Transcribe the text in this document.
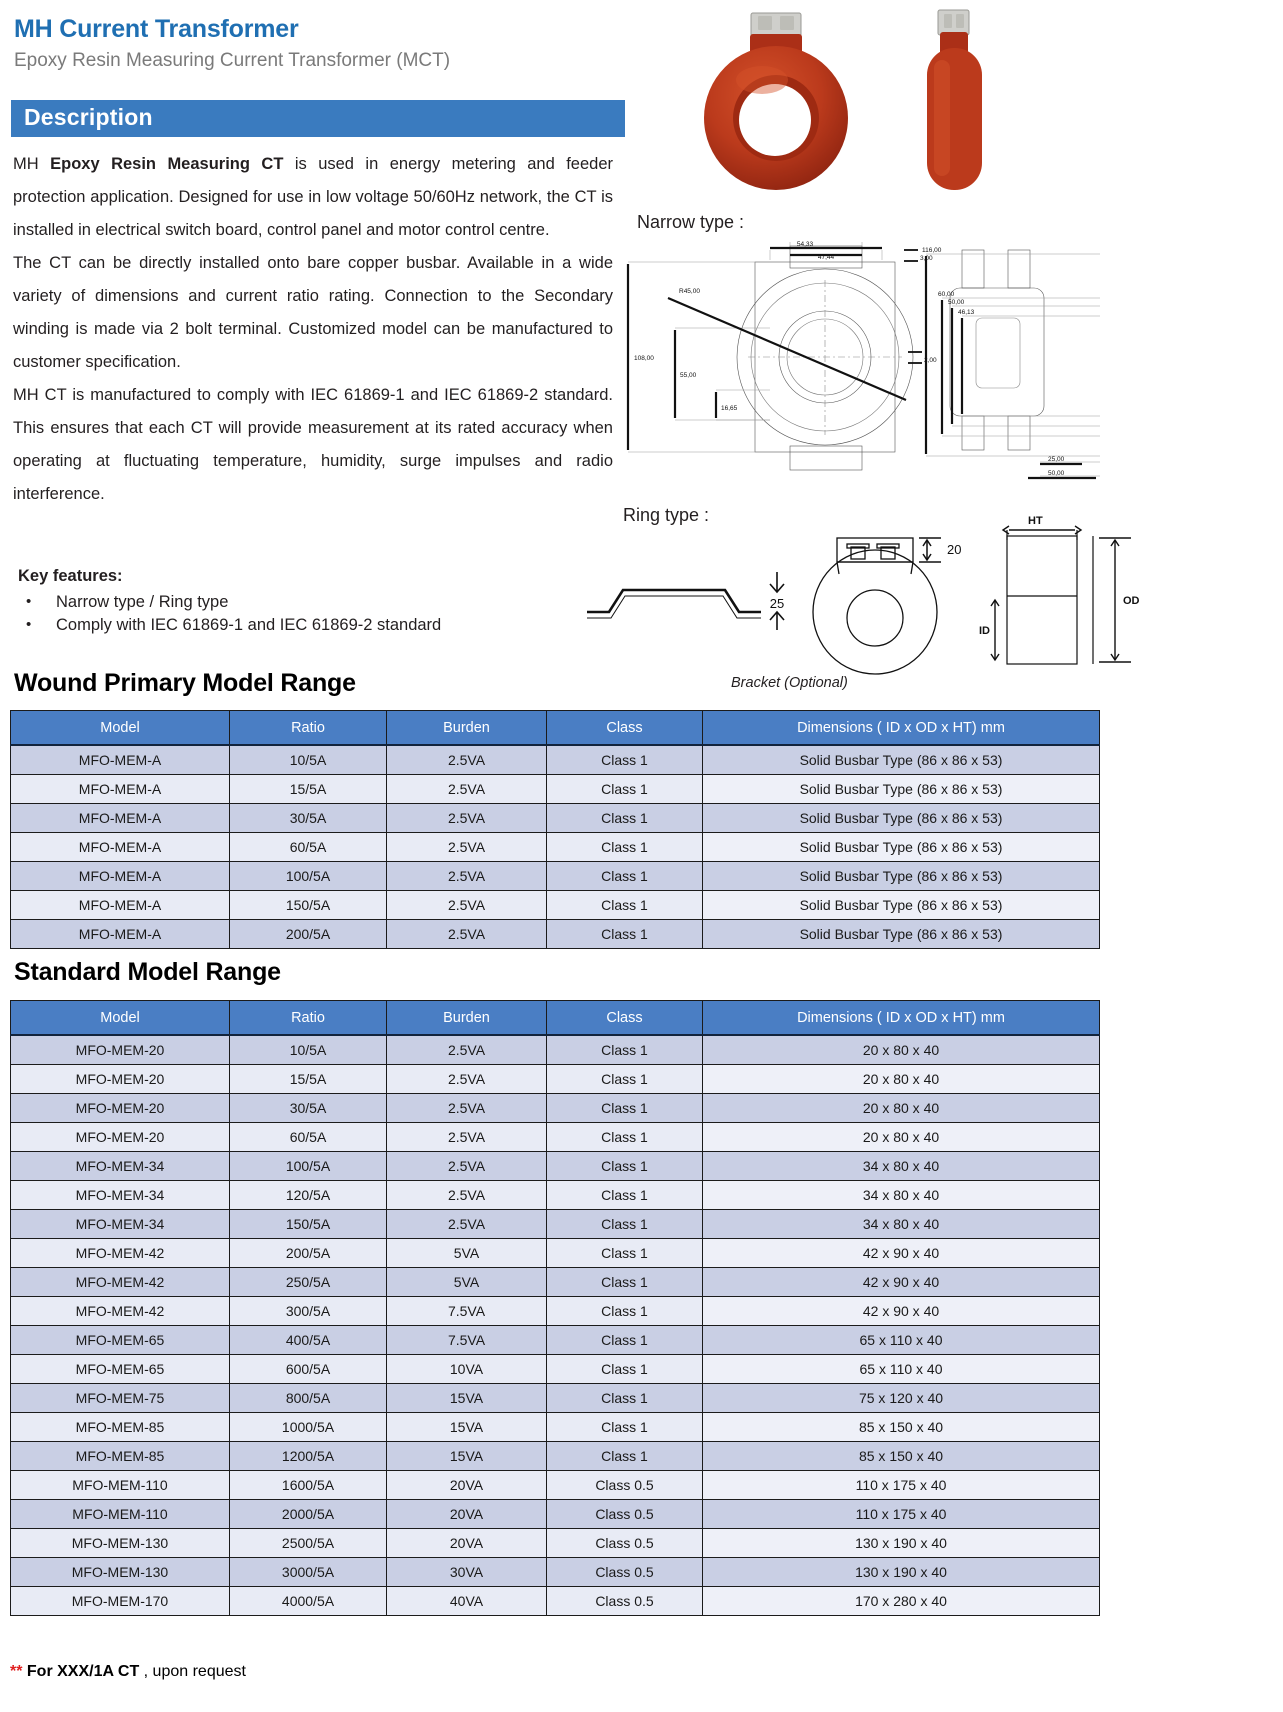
MH Current Transformer
Epoxy Resin Measuring Current Transformer (MCT)
Description

MH Epoxy Resin Measuring CT is used in energy metering and feeder protection application. Designed for use in low voltage 50/60Hz network, the CT is installed in electrical switch board, control panel and motor control centre.

The CT can be directly installed onto bare copper busbar. Available in a wide variety of dimensions and current ratio rating. Connection to the Secondary winding is made via 2 bolt terminal. Customized model can be manufactured to customer specification.

MH CT is manufactured to comply with IEC 61869-1 and IEC 61869-2 standard. This ensures that each CT will provide measurement at its rated accuracy when operating at fluctuating temperature, humidity, surge impulses and radio interference.

Key features:
• Narrow type / Ring type
• Comply with IEC 61869-1 and IEC 61869-2 standard
Narrow type :
Ring type :
Bracket (Optional)
54,33
47,44
R45,00
108,00
55,00
16,65
3,00
2,00
116,00
60,00
50,00
46,13
25,00
50,00
25
20
HT
ID
OD
Wound Primary Model Range
Model	Ratio	Burden	Class	Dimensions ( ID x OD x HT) mm
MFO-MEM-A	10/5A	2.5VA	Class 1	Solid Busbar Type (86 x 86 x 53)
MFO-MEM-A	15/5A	2.5VA	Class 1	Solid Busbar Type (86 x 86 x 53)
MFO-MEM-A	30/5A	2.5VA	Class 1	Solid Busbar Type (86 x 86 x 53)
MFO-MEM-A	60/5A	2.5VA	Class 1	Solid Busbar Type (86 x 86 x 53)
MFO-MEM-A	100/5A	2.5VA	Class 1	Solid Busbar Type (86 x 86 x 53)
MFO-MEM-A	150/5A	2.5VA	Class 1	Solid Busbar Type (86 x 86 x 53)
MFO-MEM-A	200/5A	2.5VA	Class 1	Solid Busbar Type (86 x 86 x 53)
Standard Model Range
Model	Ratio	Burden	Class	Dimensions ( ID x OD x HT) mm
MFO-MEM-20	10/5A	2.5VA	Class 1	20 x 80 x 40
MFO-MEM-20	15/5A	2.5VA	Class 1	20 x 80 x 40
MFO-MEM-20	30/5A	2.5VA	Class 1	20 x 80 x 40
MFO-MEM-20	60/5A	2.5VA	Class 1	20 x 80 x 40
MFO-MEM-34	100/5A	2.5VA	Class 1	34 x 80 x 40
MFO-MEM-34	120/5A	2.5VA	Class 1	34 x 80 x 40
MFO-MEM-34	150/5A	2.5VA	Class 1	34 x 80 x 40
MFO-MEM-42	200/5A	5VA	Class 1	42 x 90 x 40
MFO-MEM-42	250/5A	5VA	Class 1	42 x 90 x 40
MFO-MEM-42	300/5A	7.5VA	Class 1	42 x 90 x 40
MFO-MEM-65	400/5A	7.5VA	Class 1	65 x 110 x 40
MFO-MEM-65	600/5A	10VA	Class 1	65 x 110 x 40
MFO-MEM-75	800/5A	15VA	Class 1	75 x 120 x 40
MFO-MEM-85	1000/5A	15VA	Class 1	85 x 150 x 40
MFO-MEM-85	1200/5A	15VA	Class 1	85 x 150 x 40
MFO-MEM-110	1600/5A	20VA	Class 0.5	110 x 175 x 40
MFO-MEM-110	2000/5A	20VA	Class 0.5	110 x 175 x 40
MFO-MEM-130	2500/5A	20VA	Class 0.5	130 x 190 x 40
MFO-MEM-130	3000/5A	30VA	Class 0.5	130 x 190 x 40
MFO-MEM-170	4000/5A	40VA	Class 0.5	170 x 280 x 40
** For XXX/1A CT , upon request
